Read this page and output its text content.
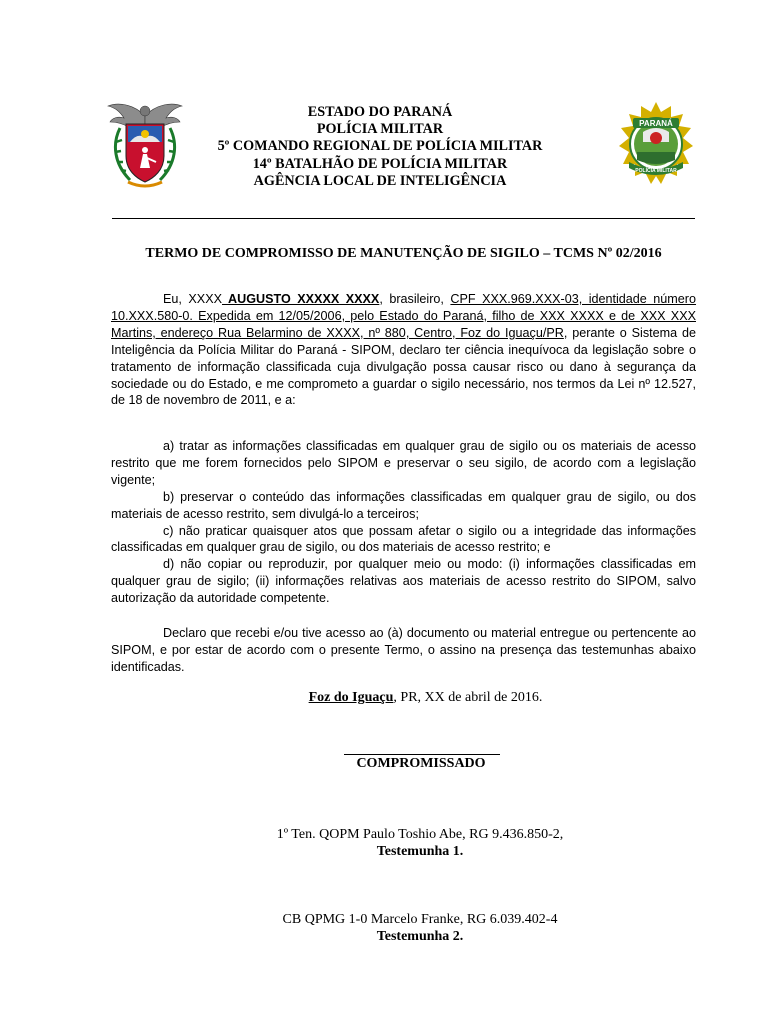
PARANÁ
POLÍCIA MILITAR
ESTADO DO PARANÁ
POLÍCIA MILITAR
5º COMANDO REGIONAL DE POLÍCIA MILITAR
14º BATALHÃO DE POLÍCIA MILITAR
AGÊNCIA LOCAL DE INTELIGÊNCIA
TERMO DE COMPROMISSO DE MANUTENÇÃO DE SIGILO – TCMS Nº 02/2016

Eu, XXXX AUGUSTO XXXXX XXXX, brasileiro, CPF XXX.969.XXX-03, identidade número 10.XXX.580-0. Expedida em 12/05/2006, pelo Estado do Paraná, filho de XXX XXXX e de XXX XXX Martins, endereço Rua Belarmino de XXXX, nº 880, Centro, Foz do Iguaçu/PR, perante o Sistema de Inteligência da Polícia Militar do Paraná - SIPOM, declaro ter ciência inequívoca da legislação sobre o tratamento de informação classificada cuja divulgação possa causar risco ou dano à segurança da sociedade ou do Estado, e me comprometo a guardar o sigilo necessário, nos termos da Lei nº 12.527, de 18 de novembro de 2011, e a:

a) tratar as informações classificadas em qualquer grau de sigilo ou os materiais de acesso restrito que me forem fornecidos pelo SIPOM e preservar o seu sigilo, de acordo com a legislação vigente;

b) preservar o conteúdo das informações classificadas em qualquer grau de sigilo, ou dos materiais de acesso restrito, sem divulgá-lo a terceiros;

c) não praticar quaisquer atos que possam afetar o sigilo ou a integridade das informações classificadas em qualquer grau de sigilo, ou dos materiais de acesso restrito; e

d) não copiar ou reproduzir, por qualquer meio ou modo: (i) informações classificadas em qualquer grau de sigilo; (ii) informações relativas aos materiais de acesso restrito do SIPOM, salvo autorização da autoridade competente.

Declaro que recebi e/ou tive acesso ao (à) documento ou material entregue ou pertencente ao SIPOM, e por estar de acordo com o presente Termo, o assino na presença das testemunhas abaixo identificadas.

Foz do Iguaçu, PR, XX de abril de 2016.
COMPROMISSADO
1º Ten. QOPM Paulo Toshio Abe, RG 9.436.850-2,
Testemunha 1.
CB QPMG 1-0 Marcelo Franke, RG 6.039.402-4
Testemunha 2.
